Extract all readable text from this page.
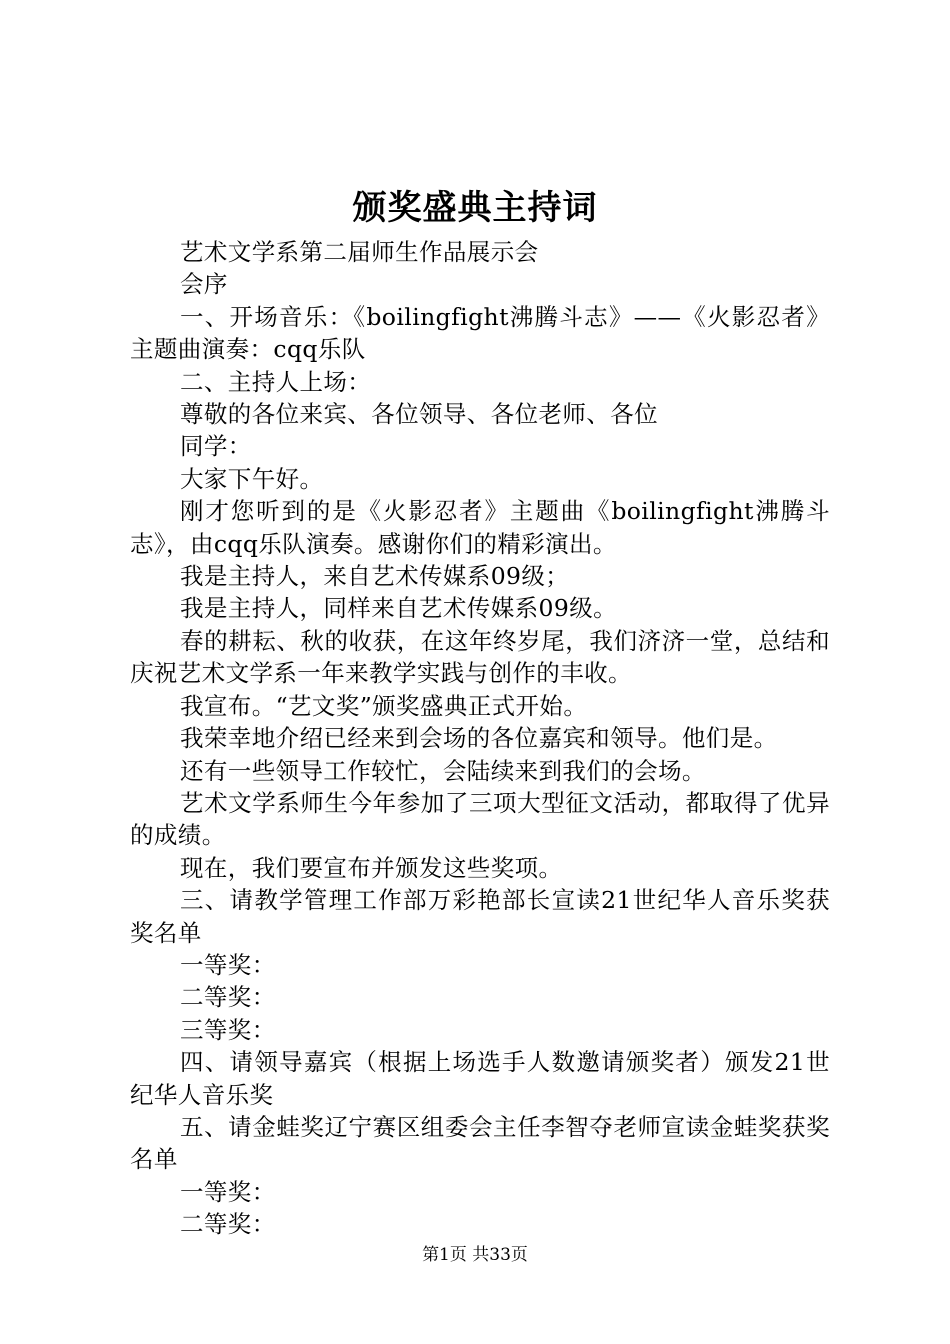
颁奖盛典主持词

艺术文学系第二届师生作品展示会

会序

一、开场音乐：《boilingfight沸腾斗志》——《火影忍者》主题曲演奏：cqq乐队

二、主持人上场：

尊敬的各位来宾、各位领导、各位老师、各位

同学：

大家下午好。

刚才您听到的是《火影忍者》主题曲《boilingfight沸腾斗志》，由cqq乐队演奏。感谢你们的精彩演出。

我是主持人，来自艺术传媒系09级；

我是主持人，同样来自艺术传媒系09级。

春的耕耘、秋的收获，在这年终岁尾，我们济济一堂，总结和庆祝艺术文学系一年来教学实践与创作的丰收。

我宣布。“艺文奖”颁奖盛典正式开始。

我荣幸地介绍已经来到会场的各位嘉宾和领导。他们是。

还有一些领导工作较忙，会陆续来到我们的会场。

艺术文学系师生今年参加了三项大型征文活动，都取得了优异的成绩。

现在，我们要宣布并颁发这些奖项。

三、请教学管理工作部万彩艳部长宣读21世纪华人音乐奖获奖名单

一等奖：

二等奖：

三等奖：

四、请领导嘉宾（根据上场选手人数邀请颁奖者）颁发21世纪华人音乐奖

五、请金蛙奖辽宁赛区组委会主任李智夺老师宣读金蛙奖获奖名单

一等奖：

二等奖：

第1页 共33页
